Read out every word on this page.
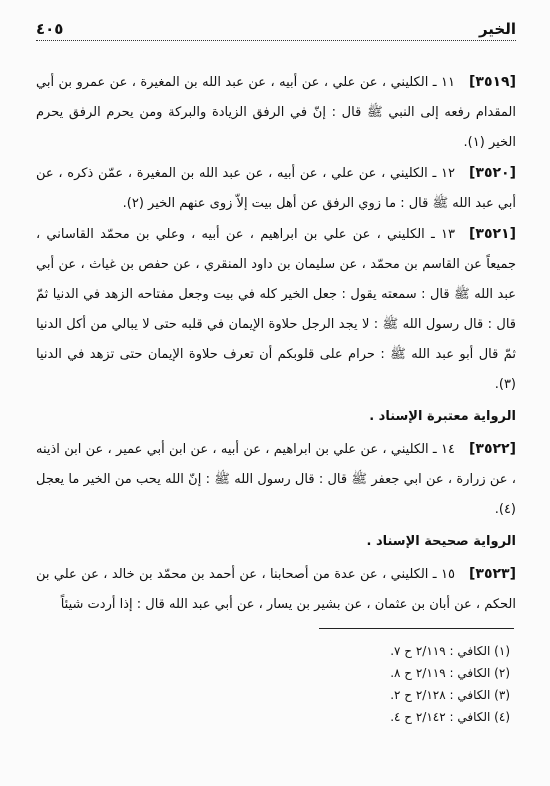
الخير
٤٠٥

[٣٥١٩]١١ ـ الكليني ، عن علي ، عن أبيه ، عن عبد الله بن المغيرة ، عن عمرو بن أبي المقدام رفعه إلى النبي ﷺ قال : إنّ في الرفق الزيادة والبركة ومن يحرم الرفق يحرم الخير (١).

[٣٥٢٠]١٢ ـ الكليني ، عن علي ، عن أبيه ، عن عبد الله بن المغيرة ، عمّن ذكره ، عن أبي عبد الله ﷺ قال : ما زوي الرفق عن أهل بيت إلاّ زوى عنهم الخير (٢).

[٣٥٢١]١٣ ـ الكليني ، عن علي بن ابراهيم ، عن أبيه ، وعلي بن محمّد القاساني ، جميعاً عن القاسم بن محمّد ، عن سليمان بن داود المنقري ، عن حفص بن غياث ، عن أبي عبد الله ﷺ قال : سمعته يقول : جعل الخير كله في بيت وجعل مفتاحه الزهد في الدنيا ثمّ قال : قال رسول الله ﷺ : لا يجد الرجل حلاوة الإيمان في قلبه حتى لا يبالي من أكل الدنيا ثمّ قال أبو عبد الله ﷺ : حرام على قلوبكم أن تعرف حلاوة الإيمان حتى تزهد في الدنيا (٣).

الرواية معتبرة الإسناد .

[٣٥٢٢]١٤ ـ الكليني ، عن علي بن ابراهيم ، عن أبيه ، عن ابن أبي عمير ، عن ابن اذينه ، عن زرارة ، عن ابي جعفر ﷺ قال : قال رسول الله ﷺ : إنّ الله يحب من الخير ما يعجل (٤).

الرواية صحيحة الإسناد .

[٣٥٢٣]١٥ ـ الكليني ، عن عدة من أصحابنا ، عن أحمد بن محمّد بن خالد ، عن علي بن الحكم ، عن أبان بن عثمان ، عن بشير بن يسار ، عن أبي عبد الله قال : إذا أردت شيئاً

(١) الكافي : ٢/١١٩ ح ٧.
(٢) الكافي : ٢/١١٩ ح ٨.
(٣) الكافي : ٢/١٢٨ ح ٢.
(٤) الكافي : ٢/١٤٢ ح ٤.
